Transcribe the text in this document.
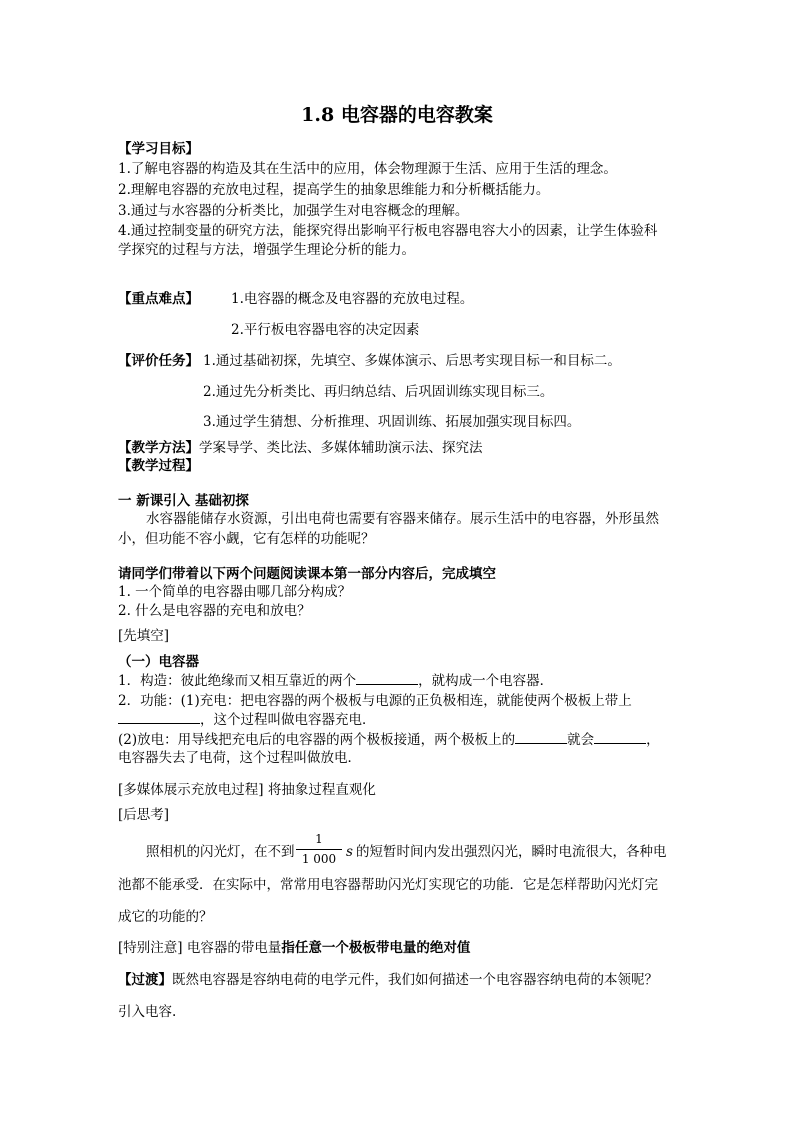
1.8 电容器的电容教案
【学习目标】
1.了解电容器的构造及其在生活中的应用，体会物理源于生活、应用于生活的理念。
2.理解电容器的充放电过程，提高学生的抽象思维能力和分析概括能力。
3.通过与水容器的分析类比，加强学生对电容概念的理解。
4.通过控制变量的研究方法，能探究得出影响平行板电容器电容大小的因素，让学生体验科
学探究的过程与方法，增强学生理论分析的能力。
【重点难点】 1.电容器的概念及电容器的充放电过程。
2.平行板电容器电容的决定因素
【评价任务】 1.通过基础初探，先填空、多媒体演示、后思考实现目标一和目标二。
2.通过先分析类比、再归纳总结、后巩固训练实现目标三。
3.通过学生猜想、分析推理、巩固训练、拓展加强实现目标四。
【教学方法】学案导学、类比法、多媒体辅助演示法、探究法
【教学过程】
一 新课引入 基础初探
水容器能储存水资源，引出电荷也需要有容器来储存。展示生活中的电容器，外形虽然
小，但功能不容小觑，它有怎样的功能呢？
请同学们带着以下两个问题阅读课本第一部分内容后，完成填空
1. 一个简单的电容器由哪几部分构成？
2. 什么是电容器的充电和放电？
[先填空]
（一）电容器
1．构造：彼此绝缘而又相互靠近的两个	，就构成一个电容器．
2．功能：(1)充电：把电容器的两个极板与电源的正负极相连，就能使两个极板上带上
，这个过程叫做电容器充电．
(2)放电：用导线把充电后的电容器的两个极板接通，两个极板上的	就会	，
电容器失去了电荷，这个过程叫做放电．
[多媒体展示充放电过程] 将抽象过程直观化
[后思考]
照相机的闪光灯，在不到
1
1 000 s 的短暂时间内发出强烈闪光，瞬时电流很大，各种电
池都不能承受．在实际中，常常用电容器帮助闪光灯实现它的功能．它是怎样帮助闪光灯完
成它的功能的？
[特别注意] 电容器的带电量指任意一个极板带电量的绝对值
【过渡】既然电容器是容纳电荷的电学元件，我们如何描述一个电容器容纳电荷的本领呢？
引入电容.
